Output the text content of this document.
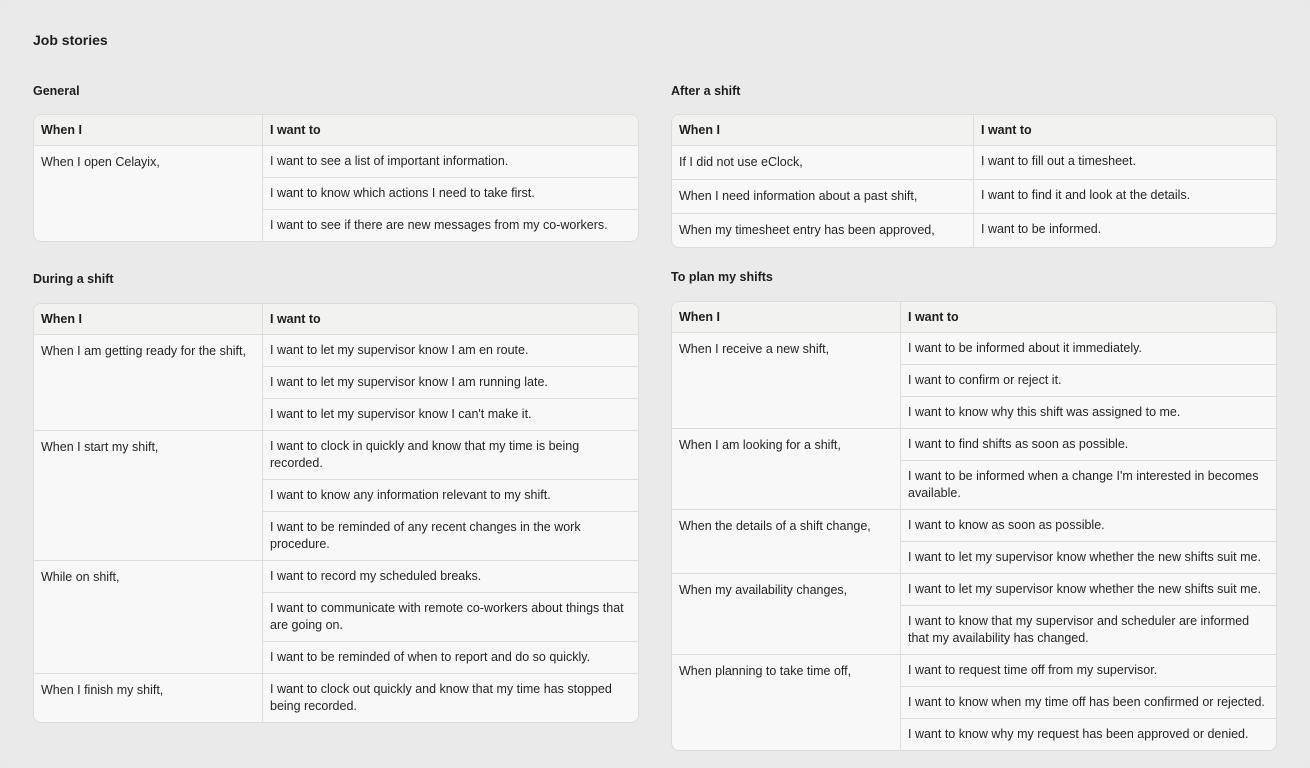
Job stories
General
When I	I want to
When I open Celayix,	I want to see a list of important information.
I want to know which actions I need to take first.
I want to see if there are new messages from my co-workers.
After a shift
When I	I want to
If I did not use eClock,	I want to fill out a timesheet.
When I need information about a past shift,	I want to find it and look at the details.
When my timesheet entry has been approved,	I want to be informed.
During a shift
When I	I want to
When I am getting ready for the shift,	I want to let my supervisor know I am en route.
I want to let my supervisor know I am running late.
I want to let my supervisor know I can't make it.
When I start my shift,	I want to clock in quickly and know that my time is being recorded.
I want to know any information relevant to my shift.
I want to be reminded of any recent changes in the work procedure.
While on shift,	I want to record my scheduled breaks.
I want to communicate with remote co-workers about things that are going on.
I want to be reminded of when to report and do so quickly.
When I finish my shift,	I want to clock out quickly and know that my time has stopped being recorded.
To plan my shifts
When I	I want to
When I receive a new shift,	I want to be informed about it immediately.
I want to confirm or reject it.
I want to know why this shift was assigned to me.
When I am looking for a shift,	I want to find shifts as soon as possible.
I want to be informed when a change I'm interested in becomes available.
When the details of a shift change,	I want to know as soon as possible.
I want to let my supervisor know whether the new shifts suit me.
When my availability changes,	I want to let my supervisor know whether the new shifts suit me.
I want to know that my supervisor and scheduler are informed that my availability has changed.
When planning to take time off,	I want to request time off from my supervisor.
I want to know when my time off has been confirmed or rejected.
I want to know why my request has been approved or denied.
